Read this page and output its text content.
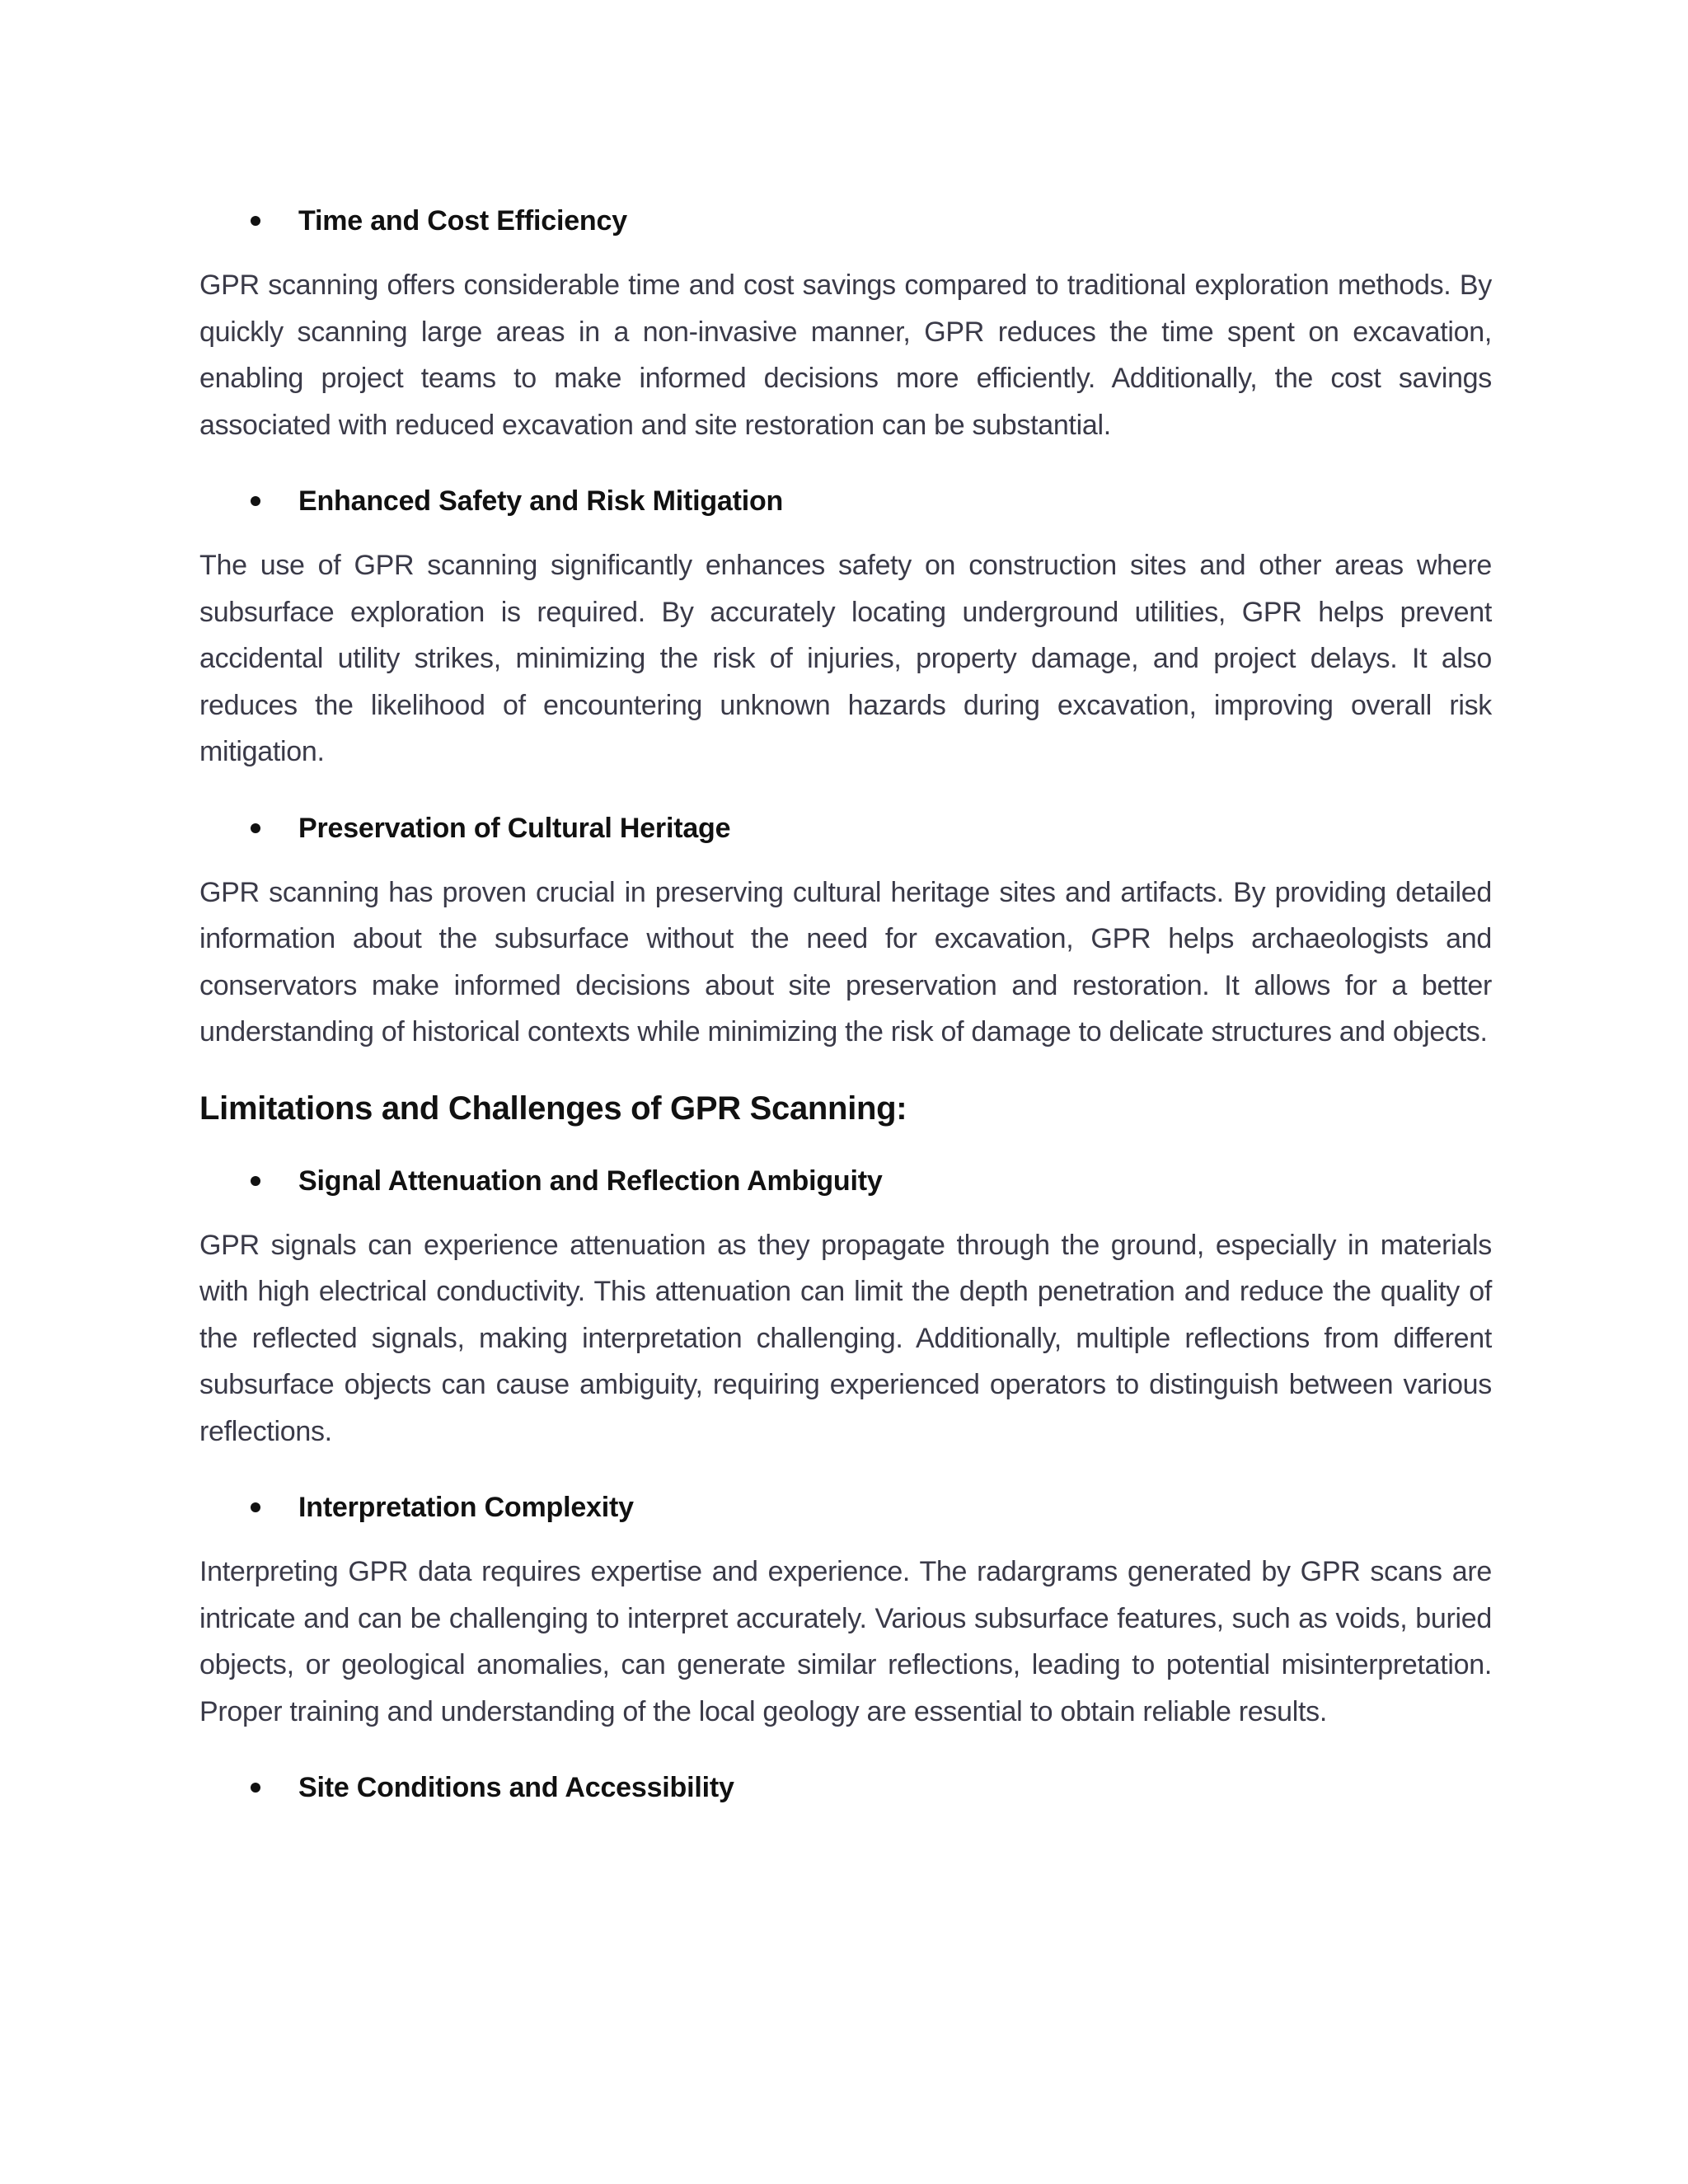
Time and Cost Efficiency

GPR scanning offers considerable time and cost savings compared to traditional exploration methods. By quickly scanning large areas in a non-invasive manner, GPR reduces the time spent on excavation, enabling project teams to make informed decisions more efficiently. Additionally, the cost savings associated with reduced excavation and site restoration can be substantial.

Enhanced Safety and Risk Mitigation

The use of GPR scanning significantly enhances safety on construction sites and other areas where subsurface exploration is required. By accurately locating underground utilities, GPR helps prevent accidental utility strikes, minimizing the risk of injuries, property damage, and project delays. It also reduces the likelihood of encountering unknown hazards during excavation, improving overall risk mitigation.

Preservation of Cultural Heritage

GPR scanning has proven crucial in preserving cultural heritage sites and artifacts. By providing detailed information about the subsurface without the need for excavation, GPR helps archaeologists and conservators make informed decisions about site preservation and restoration. It allows for a better understanding of historical contexts while minimizing the risk of damage to delicate structures and objects.

Limitations and Challenges of GPR Scanning:
Signal Attenuation and Reflection Ambiguity

GPR signals can experience attenuation as they propagate through the ground, especially in materials with high electrical conductivity. This attenuation can limit the depth penetration and reduce the quality of the reflected signals, making interpretation challenging. Additionally, multiple reflections from different subsurface objects can cause ambiguity, requiring experienced operators to distinguish between various reflections.

Interpretation Complexity

Interpreting GPR data requires expertise and experience. The radargrams generated by GPR scans are intricate and can be challenging to interpret accurately. Various subsurface features, such as voids, buried objects, or geological anomalies, can generate similar reflections, leading to potential misinterpretation. Proper training and understanding of the local geology are essential to obtain reliable results.

Site Conditions and Accessibility
